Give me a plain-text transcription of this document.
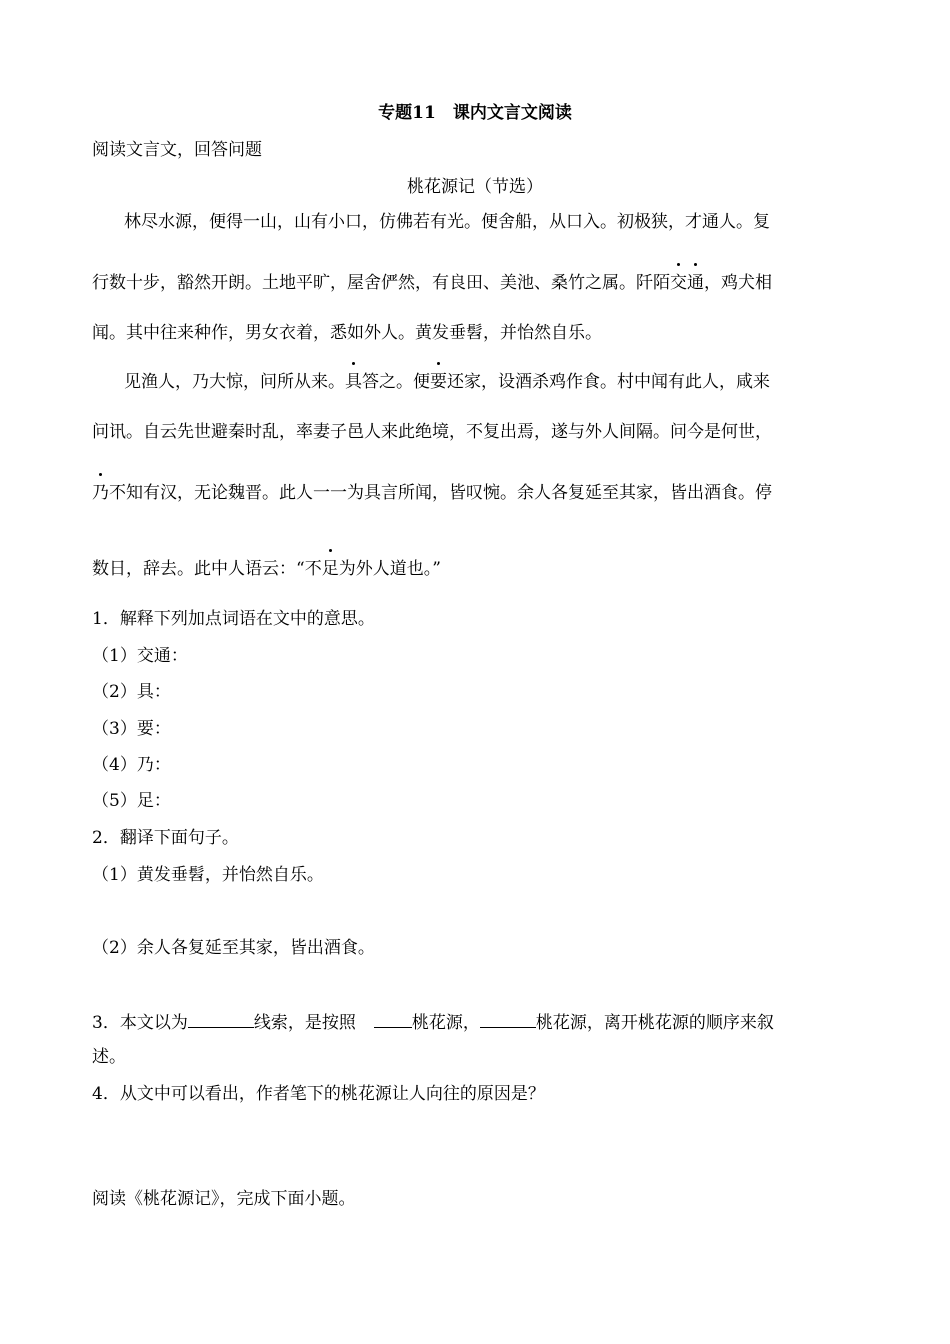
专题11　课内文言文阅读
阅读文言文，回答问题
桃花源记（节选）
林尽水源，便得一山，山有小口，仿佛若有光。便舍船，从口入。初极狭，才通人。复
行数十步，豁然开朗。土地平旷，屋舍俨然，有良田、美池、桑竹之属。阡陌交通，鸡犬相
闻。其中往来种作，男女衣着，悉如外人。黄发垂髫，并怡然自乐。
见渔人，乃大惊，问所从来。具答之。便要还家，设酒杀鸡作食。村中闻有此人，咸来
问讯。自云先世避秦时乱，率妻子邑人来此绝境，不复出焉，遂与外人间隔。问今是何世，
乃不知有汉，无论魏晋。此人一一为具言所闻，皆叹惋。余人各复延至其家，皆出酒食。停
数日，辞去。此中人语云：“不足为外人道也。”
1．解释下列加点词语在文中的意思。
（1）交通：
（2）具：
（3）要：
（4）乃：
（5）足：
2．翻译下面句子。
（1）黄发垂髫，并怡然自乐。
（2）余人各复延至其家，皆出酒食。
3．本文以为	线索，是按照	桃花源，	桃花源，离开桃花源的顺序来叙
述。
4．从文中可以看出，作者笔下的桃花源让人向往的原因是？
阅读《桃花源记》，完成下面小题。
